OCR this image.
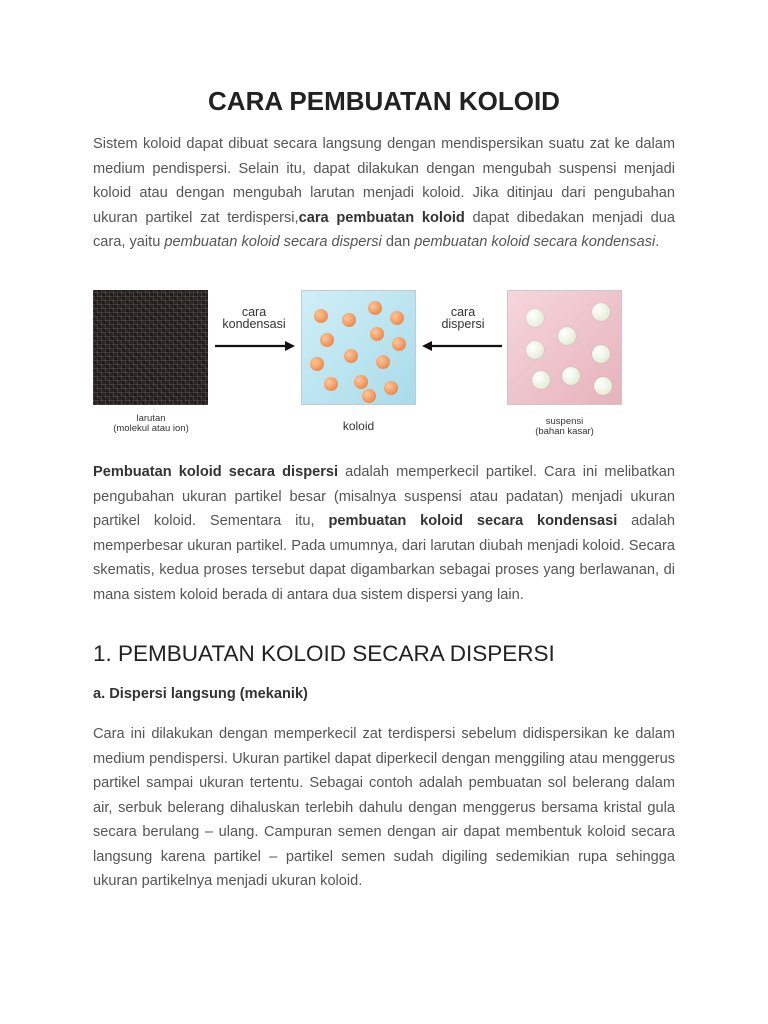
CARA PEMBUATAN KOLOID

Sistem koloid dapat dibuat secara langsung dengan mendispersikan suatu zat ke dalam medium pendispersi. Selain itu, dapat dilakukan dengan mengubah suspensi menjadi koloid atau dengan mengubah larutan menjadi koloid. Jika ditinjau dari pengubahan ukuran partikel zat terdispersi,cara pembuatan koloid dapat dibedakan menjadi dua cara, yaitu pembuatan koloid secara dispersi dan pembuatan koloid secara kondensasi.

cara
kondensasi
cara
dispersi
larutan
(molekul atau ion)	koloid	suspensi
(bahan kasar)

Pembuatan koloid secara dispersi adalah memperkecil partikel. Cara ini melibatkan pengubahan ukuran partikel besar (misalnya suspensi atau padatan) menjadi ukuran partikel koloid. Sementara itu, pembuatan koloid secara kondensasi adalah memperbesar ukuran partikel. Pada umumnya, dari larutan diubah menjadi koloid. Secara skematis, kedua proses tersebut dapat digambarkan sebagai proses yang berlawanan, di mana sistem koloid berada di antara dua sistem dispersi yang lain.

1. PEMBUATAN KOLOID SECARA DISPERSI
a. Dispersi langsung (mekanik)

Cara ini dilakukan dengan memperkecil zat terdispersi sebelum didispersikan ke dalam medium pendispersi. Ukuran partikel dapat diperkecil dengan menggiling atau menggerus partikel sampai ukuran tertentu. Sebagai contoh adalah pembuatan sol belerang dalam air, serbuk belerang dihaluskan terlebih dahulu dengan menggerus bersama kristal gula secara berulang – ulang. Campuran semen dengan air dapat membentuk koloid secara langsung karena partikel – partikel semen sudah digiling sedemikian rupa sehingga ukuran partikelnya menjadi ukuran koloid.
